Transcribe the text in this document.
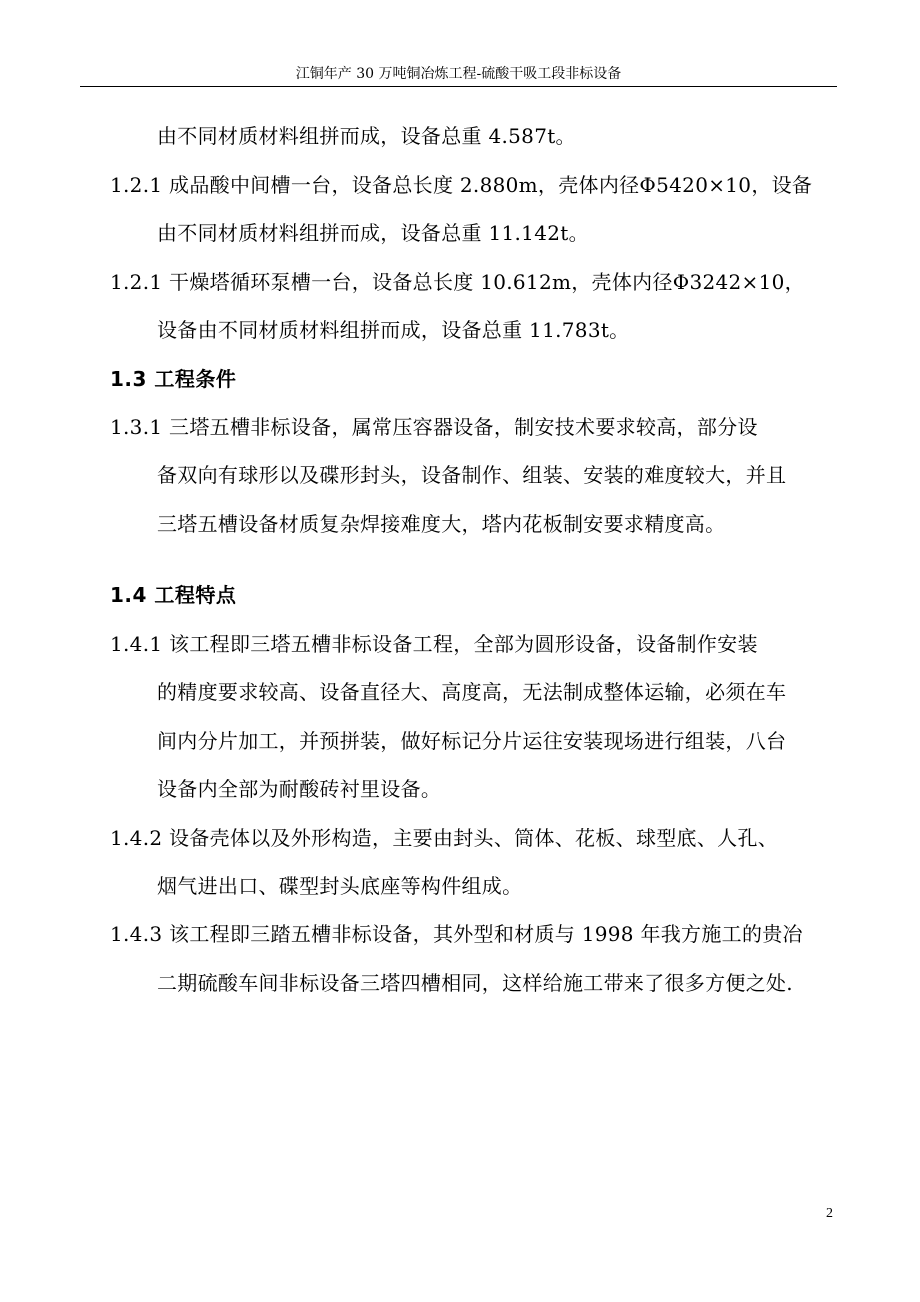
江铜年产 30 万吨铜冶炼工程-硫酸干吸工段非标设备
由不同材质材料组拼而成，设备总重 4.587t。
1.2.1 成品酸中间槽一台，设备总长度 2.880m，壳体内径Φ5420×10，设备
由不同材质材料组拼而成，设备总重 11.142t。
1.2.1 干燥塔循环泵槽一台，设备总长度 10.612m，壳体内径Φ3242×10，
设备由不同材质材料组拼而成，设备总重 11.783t。
1.3 工程条件
1.3.1 三塔五槽非标设备，属常压容器设备，制安技术要求较高，部分设
备双向有球形以及碟形封头，设备制作、组装、安装的难度较大，并且
三塔五槽设备材质复杂焊接难度大，塔内花板制安要求精度高。
1.4 工程特点
1.4.1 该工程即三塔五槽非标设备工程，全部为圆形设备，设备制作安装
的精度要求较高、设备直径大、高度高，无法制成整体运输，必须在车
间内分片加工，并预拼装，做好标记分片运往安装现场进行组装，八台
设备内全部为耐酸砖衬里设备。
1.4.2 设备壳体以及外形构造，主要由封头、筒体、花板、球型底、人孔、
烟气进出口、碟型封头底座等构件组成。
1.4.3 该工程即三踏五槽非标设备，其外型和材质与 1998 年我方施工的贵冶
二期硫酸车间非标设备三塔四槽相同，这样给施工带来了很多方便之处.
2
